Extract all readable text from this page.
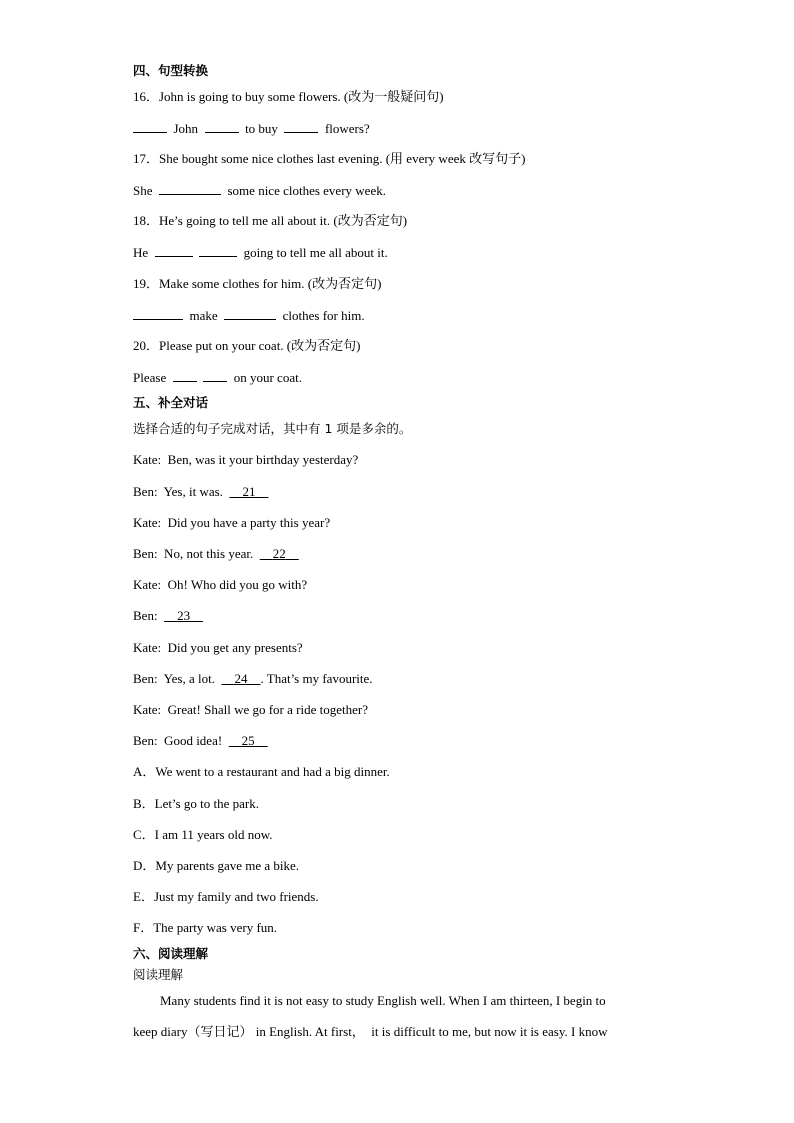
四、句型转换
16．John is going to buy some flowers. (改为一般疑问句)
John	to buy	flowers?
17．She bought some nice clothes last evening. (用 every week 改写句子)
She	some nice clothes every week.
18．He’s going to tell me all about it. (改为否定句)
He	going to tell me all about it.
19．Make some clothes for him. (改为否定句)
make	clothes for him.
20．Please put on your coat. (改为否定句)
Please	on your coat.
五、补全对话
选择合适的句子完成对话，其中有 1 项是多余的。
Kate:  Ben, was it your birthday yesterday?
Ben:  Yes, it was.      21
Kate:  Did you have a party this year?
Ben:  No, not this year.      22
Kate:  Oh! Who did you go with?
Ben:      23
Kate:  Did you get any presents?
Ben:  Yes, a lot.      24 . That’s my favourite.
Kate:  Great! Shall we go for a ride together?
Ben:  Good idea!      25
A．We went to a restaurant and had a big dinner.
B．Let’s go to the park.
C．I am 11 years old now.
D．My parents gave me a bike.
E．Just my family and two friends.
F．The party was very fun.
六、阅读理解
阅读理解
Many students find it is not easy to study English well. When I am thirteen, I begin to
keep diary（写日记） in English. At first，  it is difficult to me, but now it is easy. I know
